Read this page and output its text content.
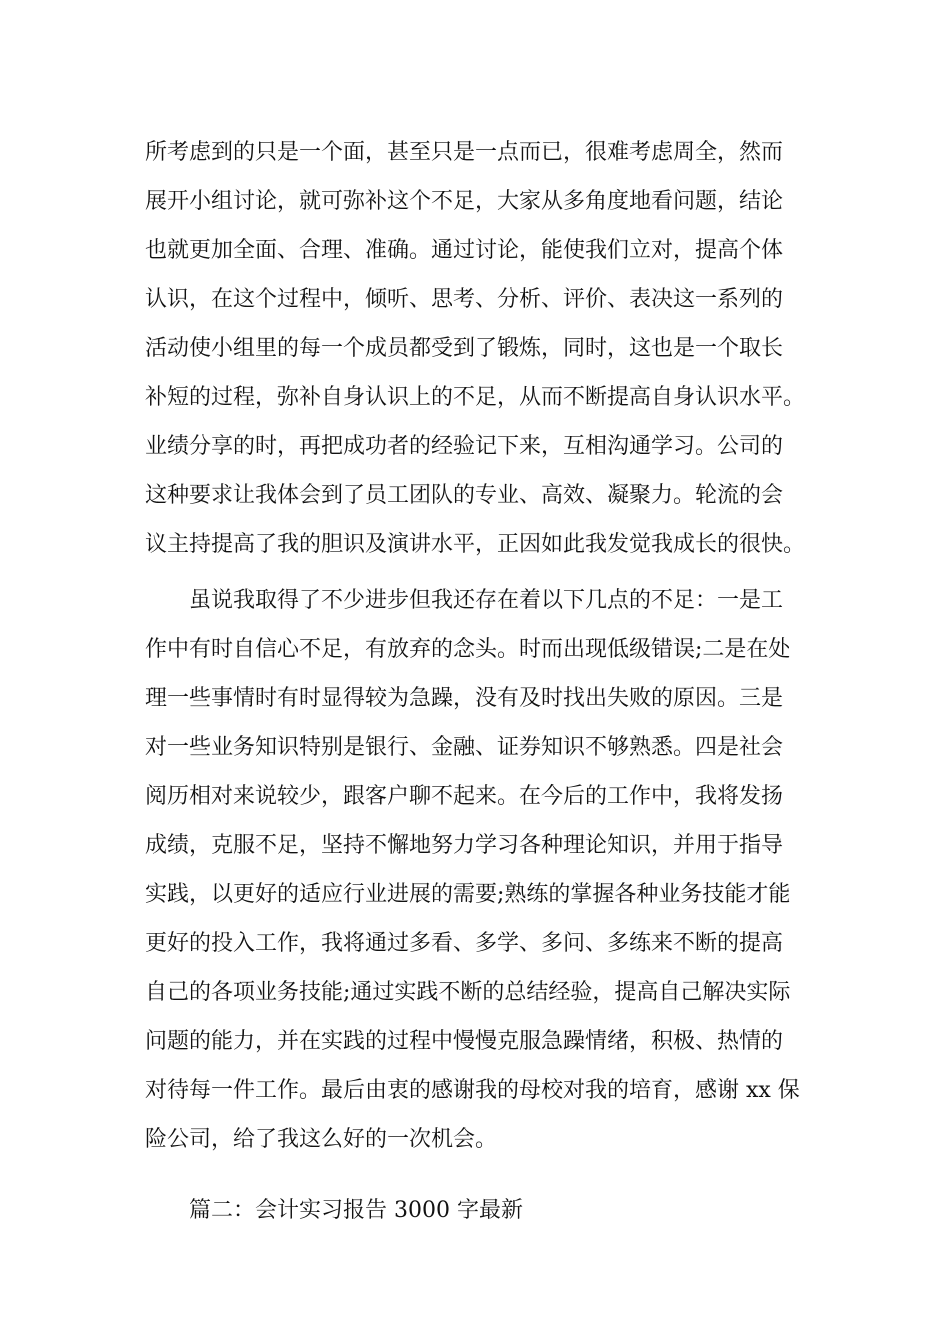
所考虑到的只是一个面，甚至只是一点而已，很难考虑周全，然而
展开小组讨论，就可弥补这个不足，大家从多角度地看问题，结论
也就更加全面、合理、准确。通过讨论，能使我们立对，提高个体
认识，在这个过程中，倾听、思考、分析、评价、表决这一系列的
活动使小组里的每一个成员都受到了锻炼，同时，这也是一个取长
补短的过程，弥补自身认识上的不足，从而不断提高自身认识水平。
业绩分享的时，再把成功者的经验记下来，互相沟通学习。公司的
这种要求让我体会到了员工团队的专业、高效、凝聚力。轮流的会
议主持提高了我的胆识及演讲水平，正因如此我发觉我成长的很快。
虽说我取得了不少进步但我还存在着以下几点的不足：一是工
作中有时自信心不足，有放弃的念头。时而出现低级错误;二是在处
理一些事情时有时显得较为急躁，没有及时找出失败的原因。三是
对一些业务知识特别是银行、金融、证券知识不够熟悉。四是社会
阅历相对来说较少，跟客户聊不起来。在今后的工作中，我将发扬
成绩，克服不足，坚持不懈地努力学习各种理论知识，并用于指导
实践，以更好的适应行业进展的需要;熟练的掌握各种业务技能才能
更好的投入工作，我将通过多看、多学、多问、多练来不断的提高
自己的各项业务技能;通过实践不断的总结经验，提高自己解决实际
问题的能力，并在实践的过程中慢慢克服急躁情绪，积极、热情的
对待每一件工作。最后由衷的感谢我的母校对我的培育，感谢 xx 保
险公司，给了我这么好的一次机会。
篇二：会计实习报告 3000 字最新
